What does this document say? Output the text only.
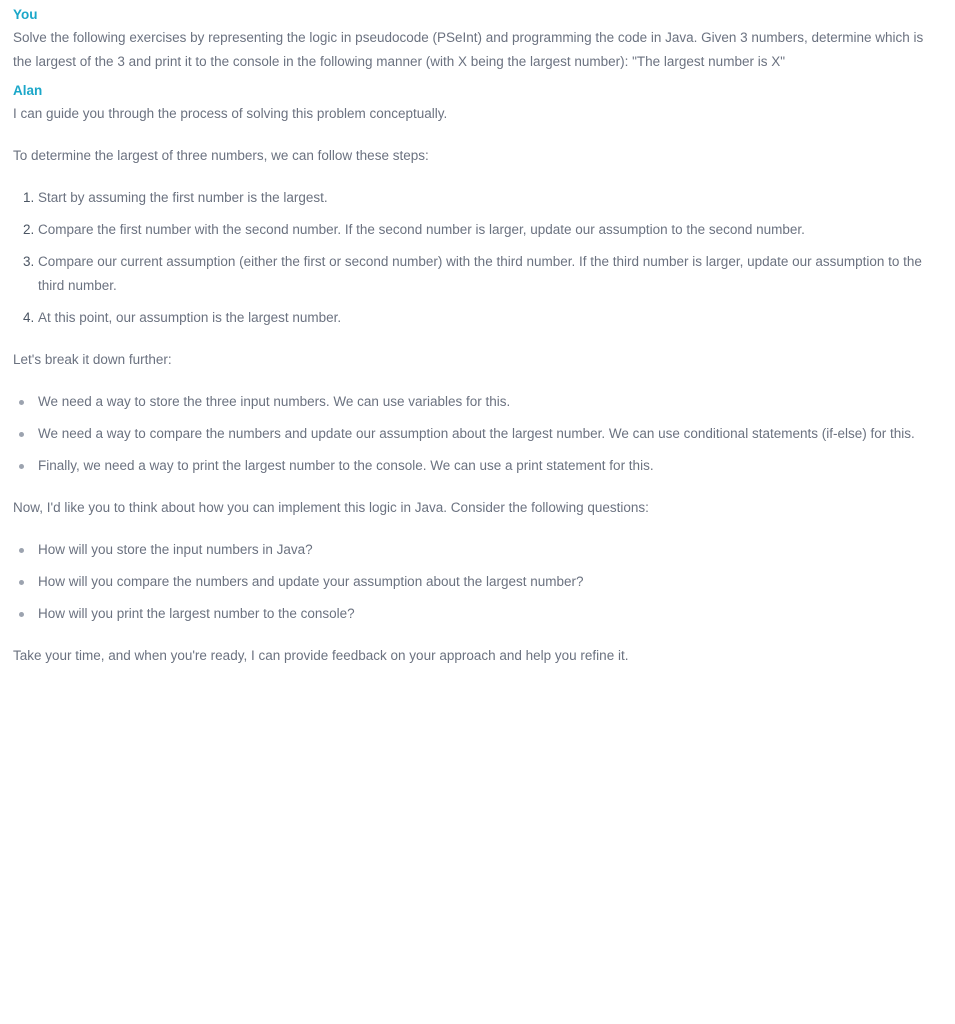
You

Solve the following exercises by representing the logic in pseudocode (PSeInt) and programming the code in Java. Given 3 numbers, determine which is the largest of the 3 and print it to the console in the following manner (with X being the largest number): "The largest number is X"

Alan

I can guide you through the process of solving this problem conceptually.

To determine the largest of three numbers, we can follow these steps:

1. Start by assuming the first number is the largest.
2. Compare the first number with the second number. If the second number is larger, update our assumption to the second number.
3. Compare our current assumption (either the first or second number) with the third number. If the third number is larger, update our assumption to the third number.
4. At this point, our assumption is the largest number.

Let's break it down further:

We need a way to store the three input numbers. We can use variables for this.
We need a way to compare the numbers and update our assumption about the largest number. We can use conditional statements (if-else) for this.
Finally, we need a way to print the largest number to the console. We can use a print statement for this.

Now, I'd like you to think about how you can implement this logic in Java. Consider the following questions:

How will you store the input numbers in Java?
How will you compare the numbers and update your assumption about the largest number?
How will you print the largest number to the console?

Take your time, and when you're ready, I can provide feedback on your approach and help you refine it.
